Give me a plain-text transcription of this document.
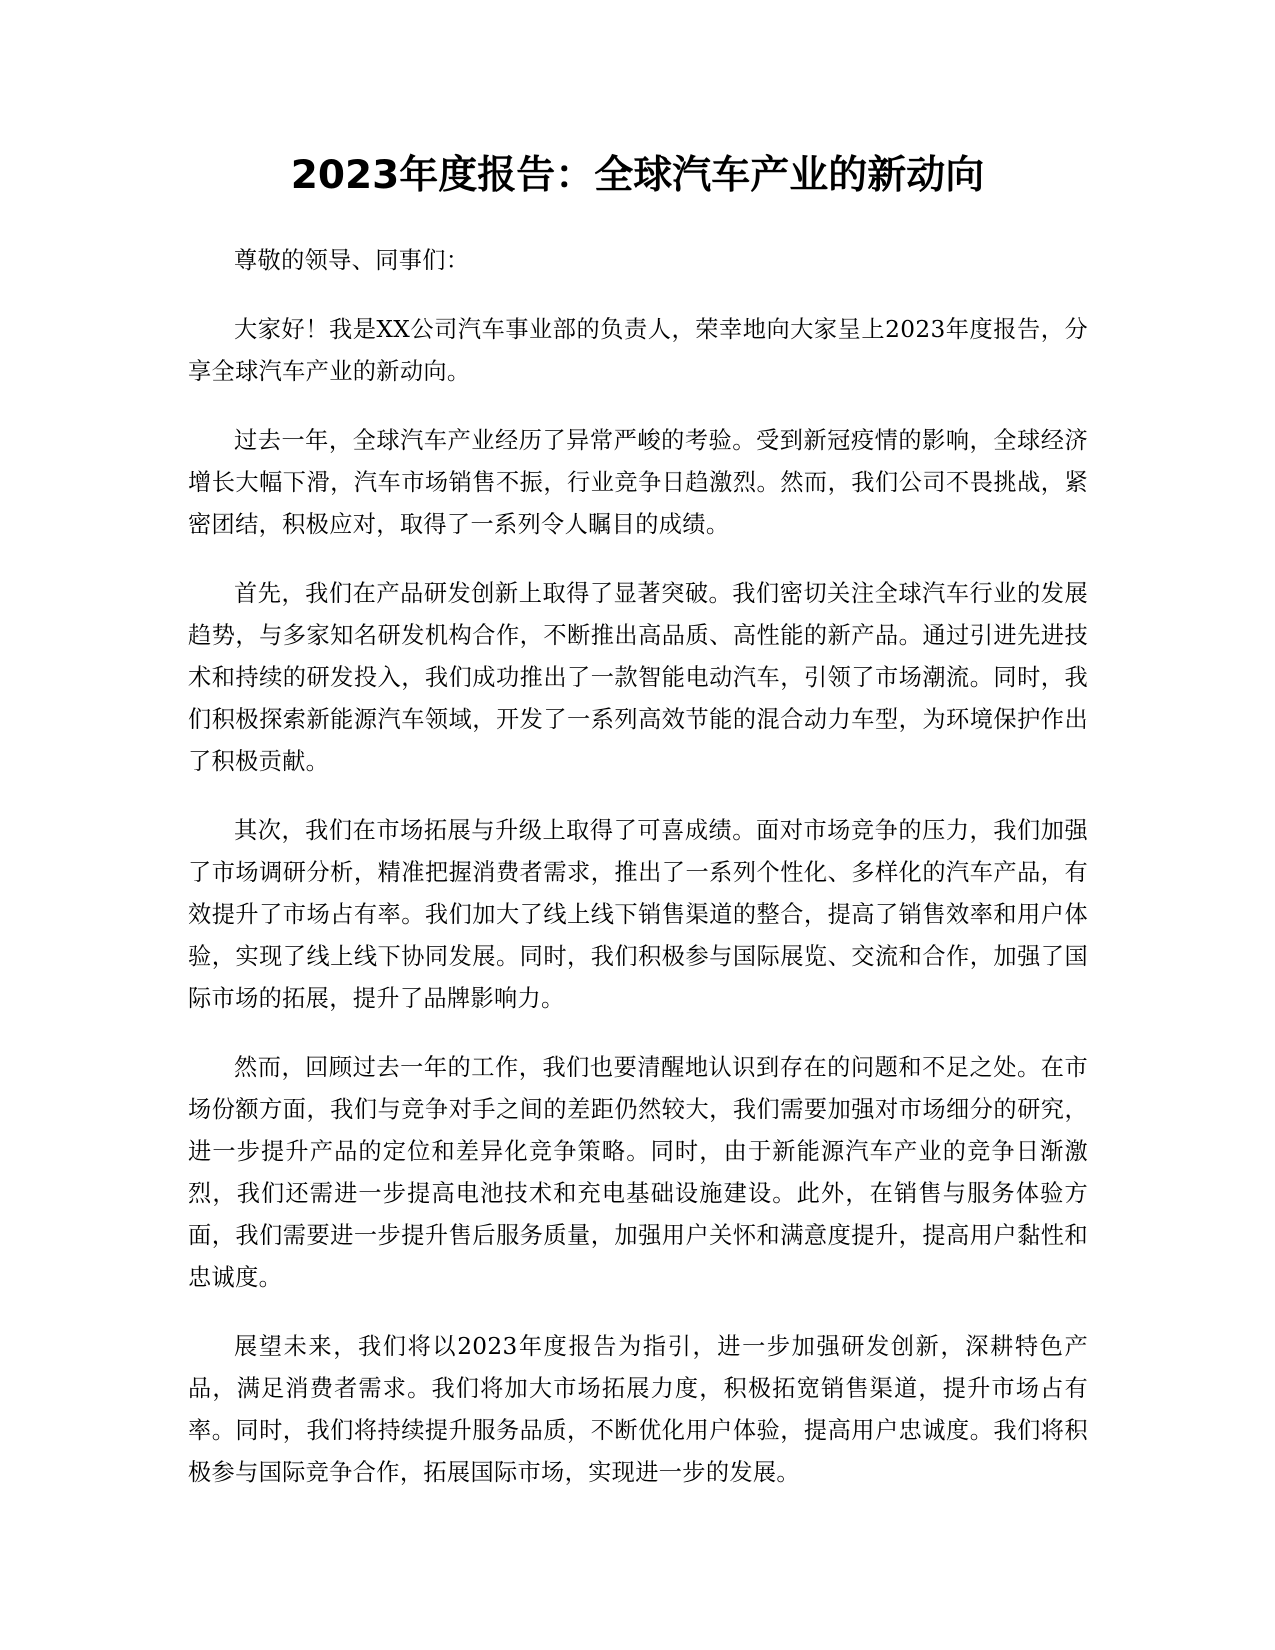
2023年度报告：全球汽车产业的新动向

尊敬的领导、同事们：

大家好！我是XX公司汽车事业部的负责人，荣幸地向大家呈上2023年度报告，分享全球汽车产业的新动向。

过去一年，全球汽车产业经历了异常严峻的考验。受到新冠疫情的影响，全球经济增长大幅下滑，汽车市场销售不振，行业竞争日趋激烈。然而，我们公司不畏挑战，紧密团结，积极应对，取得了一系列令人瞩目的成绩。

首先，我们在产品研发创新上取得了显著突破。我们密切关注全球汽车行业的发展趋势，与多家知名研发机构合作，不断推出高品质、高性能的新产品。通过引进先进技术和持续的研发投入，我们成功推出了一款智能电动汽车，引领了市场潮流。同时，我们积极探索新能源汽车领域，开发了一系列高效节能的混合动力车型，为环境保护作出了积极贡献。

其次，我们在市场拓展与升级上取得了可喜成绩。面对市场竞争的压力，我们加强了市场调研分析，精准把握消费者需求，推出了一系列个性化、多样化的汽车产品，有效提升了市场占有率。我们加大了线上线下销售渠道的整合，提高了销售效率和用户体验，实现了线上线下协同发展。同时，我们积极参与国际展览、交流和合作，加强了国际市场的拓展，提升了品牌影响力。

然而，回顾过去一年的工作，我们也要清醒地认识到存在的问题和不足之处。在市场份额方面，我们与竞争对手之间的差距仍然较大，我们需要加强对市场细分的研究，进一步提升产品的定位和差异化竞争策略。同时，由于新能源汽车产业的竞争日渐激烈，我们还需进一步提高电池技术和充电基础设施建设。此外，在销售与服务体验方面，我们需要进一步提升售后服务质量，加强用户关怀和满意度提升，提高用户黏性和忠诚度。

展望未来，我们将以2023年度报告为指引，进一步加强研发创新，深耕特色产品，满足消费者需求。我们将加大市场拓展力度，积极拓宽销售渠道，提升市场占有率。同时，我们将持续提升服务品质，不断优化用户体验，提高用户忠诚度。我们将积极参与国际竞争合作，拓展国际市场，实现进一步的发展。
